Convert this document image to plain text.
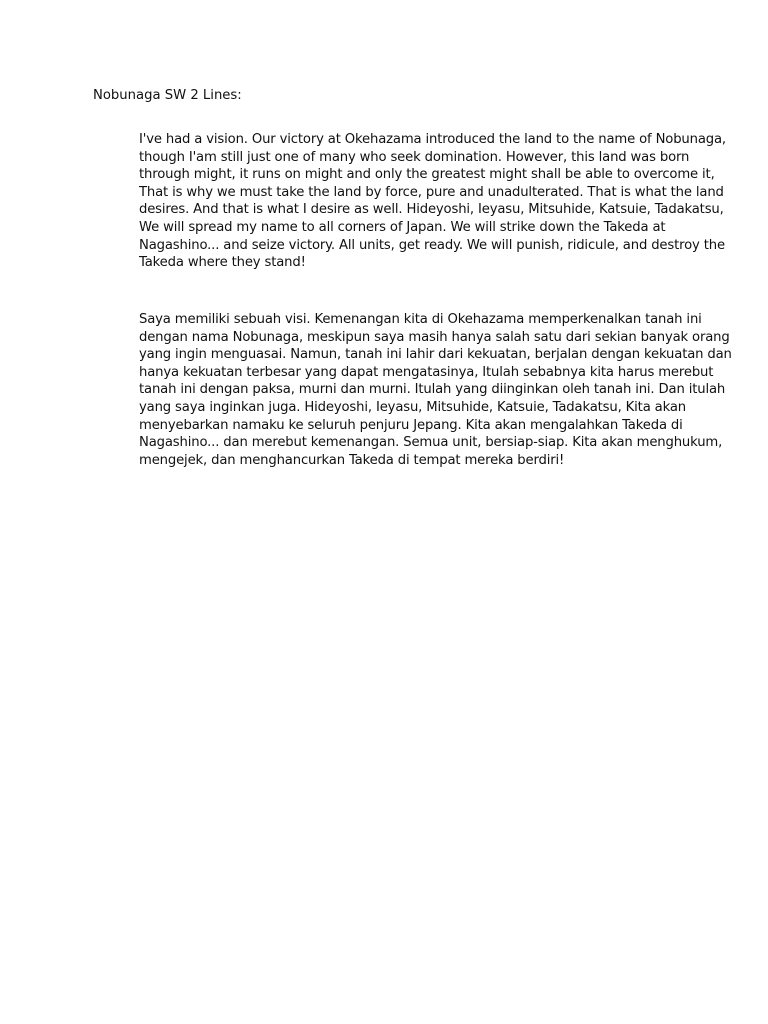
Nobunaga SW 2 Lines:
I've had a vision. Our victory at Okehazama introduced the land to the name of Nobunaga,
though I'am still just one of many who seek domination. However, this land was born
through might, it runs on might and only the greatest might shall be able to overcome it,
That is why we must take the land by force, pure and unadulterated. That is what the land
desires. And that is what I desire as well. Hideyoshi, Ieyasu, Mitsuhide, Katsuie, Tadakatsu,
We will spread my name to all corners of Japan. We will strike down the Takeda at
Nagashino... and seize victory. All units, get ready. We will punish, ridicule, and destroy the
Takeda where they stand!
Saya memiliki sebuah visi. Kemenangan kita di Okehazama memperkenalkan tanah ini
dengan nama Nobunaga, meskipun saya masih hanya salah satu dari sekian banyak orang
yang ingin menguasai. Namun, tanah ini lahir dari kekuatan, berjalan dengan kekuatan dan
hanya kekuatan terbesar yang dapat mengatasinya, Itulah sebabnya kita harus merebut
tanah ini dengan paksa, murni dan murni. Itulah yang diinginkan oleh tanah ini. Dan itulah
yang saya inginkan juga. Hideyoshi, Ieyasu, Mitsuhide, Katsuie, Tadakatsu, Kita akan
menyebarkan namaku ke seluruh penjuru Jepang. Kita akan mengalahkan Takeda di
Nagashino... dan merebut kemenangan. Semua unit, bersiap-siap. Kita akan menghukum,
mengejek, dan menghancurkan Takeda di tempat mereka berdiri!
